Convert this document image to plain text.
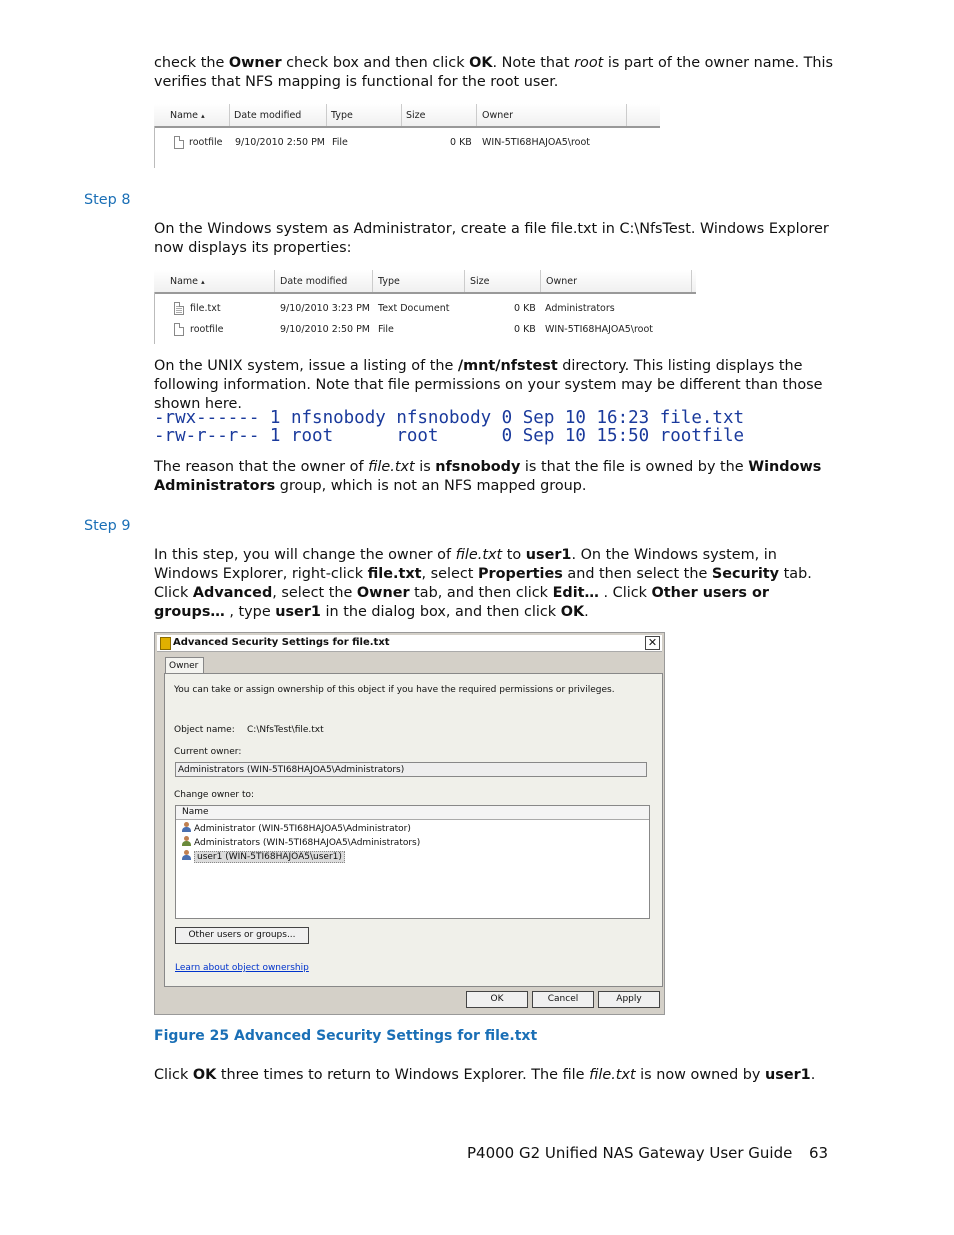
check the Owner check box and then click OK. Note that root is part of the owner name. This verifies that NFS mapping is functional for the root user.
Name ▴	Date modified	Type	Size	Owner
rootfile 9/10/2010 2:50 PM File	0 KB WIN-5TI68HAJOA5\root
Step 8
On the Windows system as Administrator, create a file file.txt in C:\NfsTest. Windows Explorer now displays its properties:
Name ▴	Date modified	Type	Size	Owner
file.txt	9/10/2010 3:23 PM Text Document	0 KB Administrators
rootfile	9/10/2010 2:50 PM File	0 KB WIN-5TI68HAJOA5\root
On the UNIX system, issue a listing of the /mnt/nfstest directory. This listing displays the following information. Note that file permissions on your system may be different than those shown here.
-rwx------ 1 nfsnobody nfsnobody 0 Sep 10 16:23 file.txt
-rw-r--r-- 1 root      root      0 Sep 10 15:50 rootfile
The reason that the owner of file.txt is nfsnobody is that the file is owned by the Windows Administrators group, which is not an NFS mapped group.
Step 9
In this step, you will change the owner of file.txt to user1. On the Windows system, in Windows Explorer, right-click file.txt, select Properties and then select the Security tab. Click Advanced, select the Owner tab, and then click Edit… . Click Other users or groups… , type user1 in the dialog box, and then click OK.
Advanced Security Settings for file.txt	✕
Owner
You can take or assign ownership of this object if you have the required permissions or privileges.
Object name: C:\NfsTest\file.txt
Current owner:
Administrators (WIN-5TI68HAJOA5\Administrators)
Change owner to:
Name
Administrator (WIN-5TI68HAJOA5\Administrator)
Administrators (WIN-5TI68HAJOA5\Administrators)
user1 (WIN-5TI68HAJOA5\user1)
Other users or groups...
Learn about object ownership
OK	Cancel	Apply
Figure 25 Advanced Security Settings for file.txt
Click OK three times to return to Windows Explorer. The file file.txt is now owned by user1.
P4000 G2 Unified NAS Gateway User Guide 63
